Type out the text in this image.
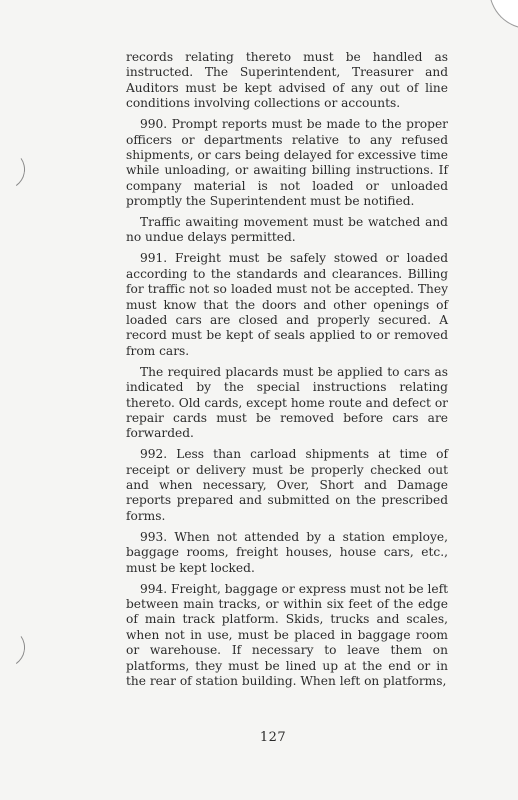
records relating thereto must be handled as instructed. The Superintendent, Treasurer and Auditors must be kept advised of any out of line conditions involving collections or accounts.

990. Prompt reports must be made to the proper officers or departments relative to any refused shipments, or cars being delayed for excessive time while unloading, or awaiting billing instructions. If company material is not loaded or unloaded promptly the Superintendent must be notified.

Traffic awaiting movement must be watched and no undue delays permitted.

991. Freight must be safely stowed or loaded according to the standards and clearances. Billing for traffic not so loaded must not be accepted. They must know that the doors and other openings of loaded cars are closed and properly secured. A record must be kept of seals applied to or removed from cars.

The required placards must be applied to cars as indicated by the special instructions relating thereto. Old cards, except home route and defect or repair cards must be removed before cars are forwarded.

992. Less than carload shipments at time of receipt or delivery must be properly checked out and when necessary, Over, Short and Damage reports prepared and submitted on the prescribed forms.

993. When not attended by a station employe, baggage rooms, freight houses, house cars, etc., must be kept locked.

994. Freight, baggage or express must not be left between main tracks, or within six feet of the edge of main track platform. Skids, trucks and scales, when not in use, must be placed in baggage room or warehouse. If necessary to leave them on platforms, they must be lined up at the end or in the rear of station building. When left on platforms,

127
